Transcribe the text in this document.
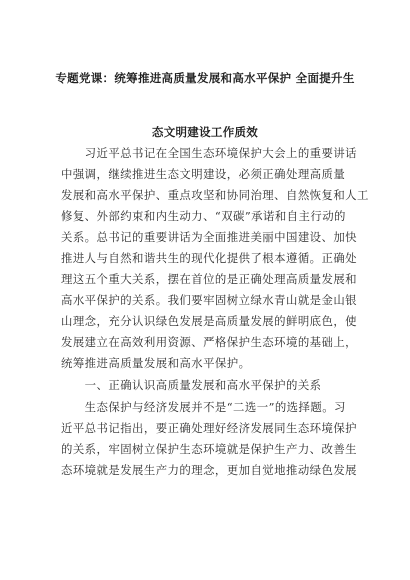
专题党课：统筹推进高质量发展和高水平保护 全面提升生
态文明建设工作质效
　　习近平总书记在全国生态环境保护大会上的重要讲话
中强调，继续推进生态文明建设，必须正确处理高质量
发展和高水平保护、重点攻坚和协同治理、自然恢复和人工
修复、外部约束和内生动力、“双碳”承诺和自主行动的
关系。总书记的重要讲话为全面推进美丽中国建设、加快
推进人与自然和谐共生的现代化提供了根本遵循。正确处
理这五个重大关系，摆在首位的是正确处理高质量发展和
高水平保护的关系。我们要牢固树立绿水青山就是金山银
山理念，充分认识绿色发展是高质量发展的鲜明底色，使
发展建立在高效利用资源、严格保护生态环境的基础上，
统筹推进高质量发展和高水平保护。
　　一、正确认识高质量发展和高水平保护的关系
　　生态保护与经济发展并不是“二选一”的选择题。习
近平总书记指出，要正确处理好经济发展同生态环境保护
的关系，牢固树立保护生态环境就是保护生产力、改善生
态环境就是发展生产力的理念，更加自觉地推动绿色发展
